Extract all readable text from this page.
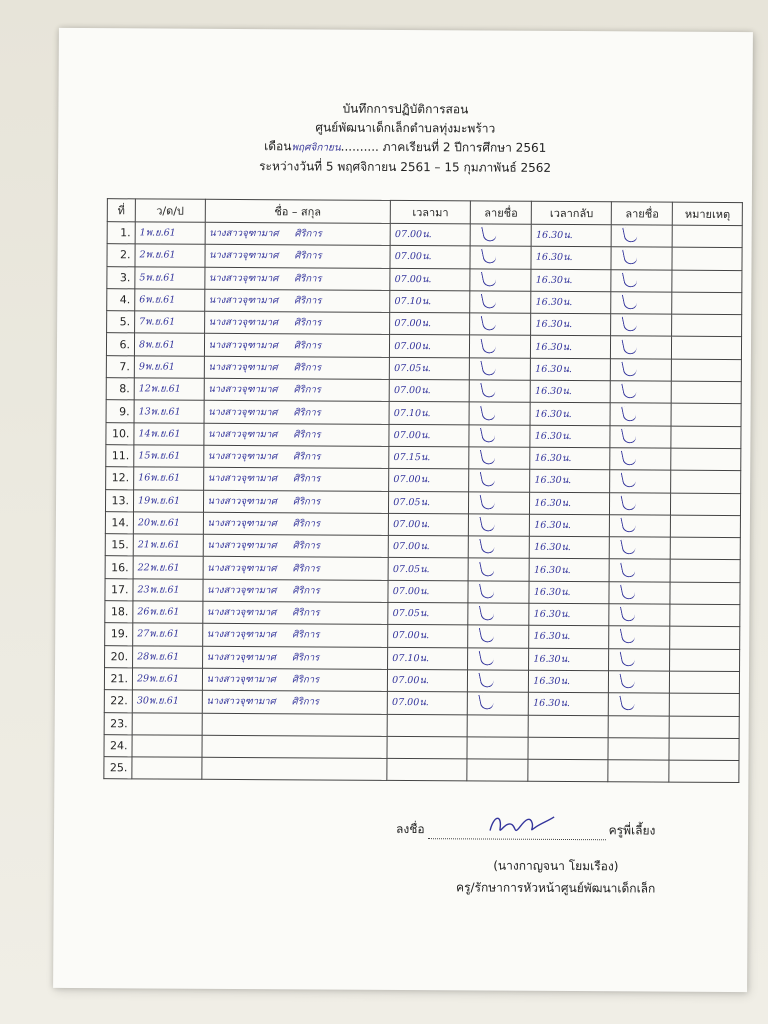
บันทึกการปฏิบัติการสอน
ศูนย์พัฒนาเด็กเล็กตำบลทุ่งมะพร้าว
เดือนพฤศจิกายน.......... ภาคเรียนที่ 2 ปีการศึกษา 2561
ระหว่างวันที่ 5 พฤศจิกายน 2561 – 15 กุมภาพันธ์ 2562
ที่	ว/ด/ป	ชื่อ – สกุล	เวลามา	ลายชื่อ	เวลากลับ	ลายชื่อ	หมายเหตุ
1.	1พ.ย.61	นางสาวจุฑามาศ ศิริการ	07.00น.		16.30น.		
2.	2พ.ย.61	นางสาวจุฑามาศ ศิริการ	07.00น.		16.30น.		
3.	5พ.ย.61	นางสาวจุฑามาศ ศิริการ	07.00น.		16.30น.		
4.	6พ.ย.61	นางสาวจุฑามาศ ศิริการ	07.10น.		16.30น.		
5.	7พ.ย.61	นางสาวจุฑามาศ ศิริการ	07.00น.		16.30น.		
6.	8พ.ย.61	นางสาวจุฑามาศ ศิริการ	07.00น.		16.30น.		
7.	9พ.ย.61	นางสาวจุฑามาศ ศิริการ	07.05น.		16.30น.		
8.	12พ.ย.61	นางสาวจุฑามาศ ศิริการ	07.00น.		16.30น.		
9.	13พ.ย.61	นางสาวจุฑามาศ ศิริการ	07.10น.		16.30น.		
10.	14พ.ย.61	นางสาวจุฑามาศ ศิริการ	07.00น.		16.30น.		
11.	15พ.ย.61	นางสาวจุฑามาศ ศิริการ	07.15น.		16.30น.		
12.	16พ.ย.61	นางสาวจุฑามาศ ศิริการ	07.00น.		16.30น.		
13.	19พ.ย.61	นางสาวจุฑามาศ ศิริการ	07.05น.		16.30น.		
14.	20พ.ย.61	นางสาวจุฑามาศ ศิริการ	07.00น.		16.30น.		
15.	21พ.ย.61	นางสาวจุฑามาศ ศิริการ	07.00น.		16.30น.		
16.	22พ.ย.61	นางสาวจุฑามาศ ศิริการ	07.05น.		16.30น.		
17.	23พ.ย.61	นางสาวจุฑามาศ ศิริการ	07.00น.		16.30น.		
18.	26พ.ย.61	นางสาวจุฑามาศ ศิริการ	07.05น.		16.30น.		
19.	27พ.ย.61	นางสาวจุฑามาศ ศิริการ	07.00น.		16.30น.		
20.	28พ.ย.61	นางสาวจุฑามาศ ศิริการ	07.10น.		16.30น.		
21.	29พ.ย.61	นางสาวจุฑามาศ ศิริการ	07.00น.		16.30น.		
22.	30พ.ย.61	นางสาวจุฑามาศ ศิริการ	07.00น.		16.30น.		
23.							
24.							
25.							
ลงชื่อ	ครูพี่เลี้ยง
(นางกาญจนา โยมเรือง)
ครู/รักษาการหัวหน้าศูนย์พัฒนาเด็กเล็ก
